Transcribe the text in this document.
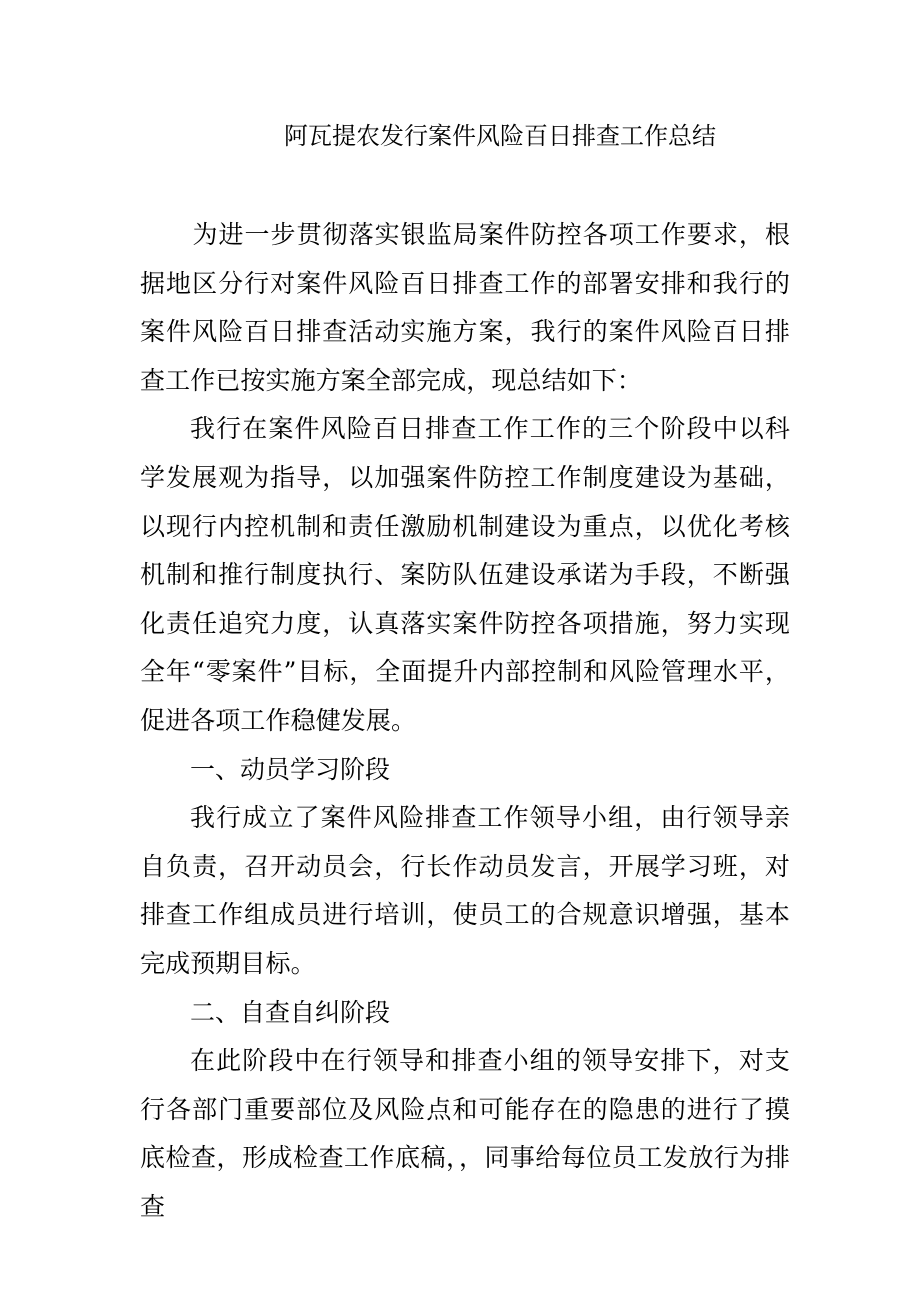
阿瓦提农发行案件风险百日排查工作总结

为进一步贯彻落实银监局案件防控各项工作要求，根据地区分行对案件风险百日排查工作的部署安排和我行的案件风险百日排查活动实施方案，我行的案件风险百日排查工作已按实施方案全部完成，现总结如下：

我行在案件风险百日排查工作工作的三个阶段中以科学发展观为指导，以加强案件防控工作制度建设为基础，以现行内控机制和责任激励机制建设为重点，以优化考核机制和推行制度执行、案防队伍建设承诺为手段，不断强化责任追究力度，认真落实案件防控各项措施，努力实现全年“零案件”目标，全面提升内部控制和风险管理水平，促进各项工作稳健发展。

一、动员学习阶段

我行成立了案件风险排查工作领导小组，由行领导亲自负责，召开动员会，行长作动员发言，开展学习班，对排查工作组成员进行培训，使员工的合规意识增强，基本完成预期目标。

二、自查自纠阶段

在此阶段中在行领导和排查小组的领导安排下，对支行各部门重要部位及风险点和可能存在的隐患的进行了摸底检查，形成检查工作底稿，，同事给每位员工发放行为排查
